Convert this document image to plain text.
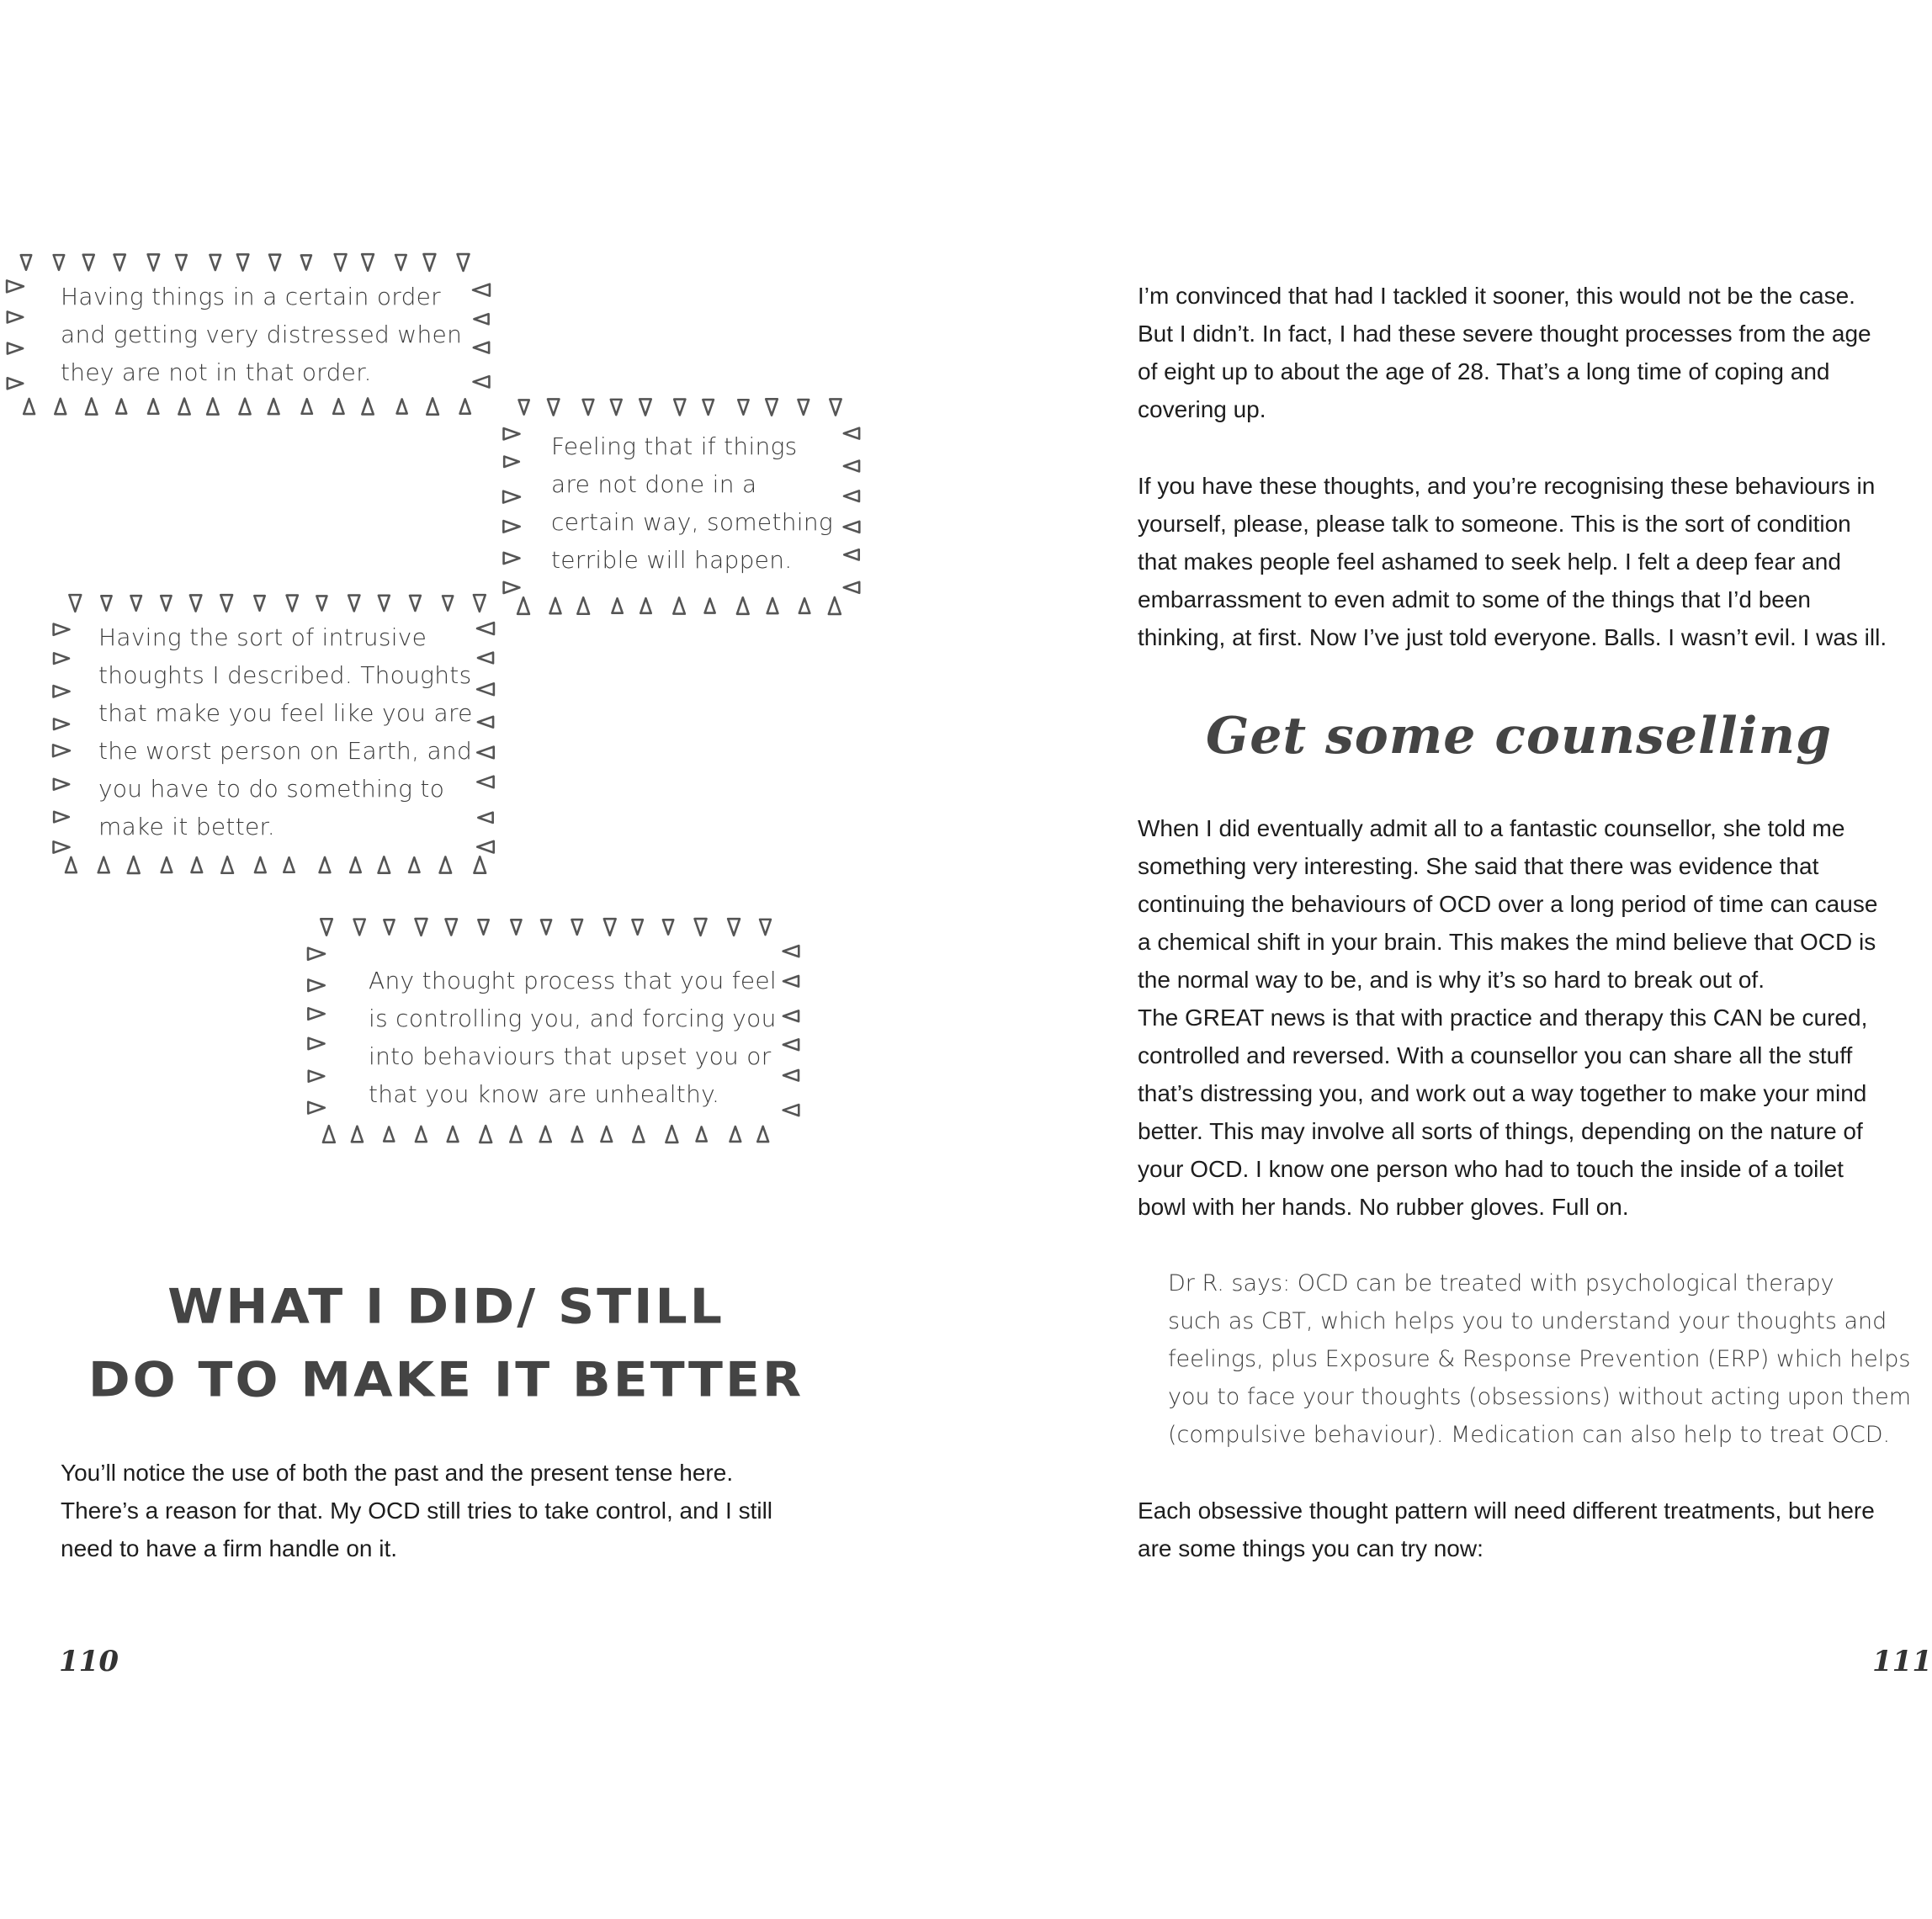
Having things in a certain order
and getting very distressed when
they are not in that order.
Feeling that if things
are not done in a
certain way, something
terrible will happen.
Having the sort of intrusive
thoughts I described. Thoughts
that make you feel like you are
the worst person on Earth, and
you have to do something to
make it better.
Any thought process that you feel
is controlling you, and forcing you
into behaviours that upset you or
that you know are unhealthy.
WHAT I DID/ STILL
DO TO MAKE IT BETTER
You’ll notice the use of both the past and the present tense here.
There’s a reason for that. My OCD still tries to take control, and I still
need to have a firm handle on it.
110
I’m convinced that had I tackled it sooner, this would not be the case.
But I didn’t. In fact, I had these severe thought processes from the age
of eight up to about the age of 28. That’s a long time of coping and
covering up.
If you have these thoughts, and you’re recognising these behaviours in
yourself, please, please talk to someone. This is the sort of condition
that makes people feel ashamed to seek help. I felt a deep fear and
embarrassment to even admit to some of the things that I’d been
thinking, at first. Now I’ve just told everyone. Balls. I wasn’t evil. I was ill.
Get some counselling
When I did eventually admit all to a fantastic counsellor, she told me
something very interesting. She said that there was evidence that
continuing the behaviours of OCD over a long period of time can cause
a chemical shift in your brain. This makes the mind believe that OCD is
the normal way to be, and is why it’s so hard to break out of.
The GREAT news is that with practice and therapy this CAN be cured,
controlled and reversed. With a counsellor you can share all the stuff
that’s distressing you, and work out a way together to make your mind
better. This may involve all sorts of things, depending on the nature of
your OCD. I know one person who had to touch the inside of a toilet
bowl with her hands. No rubber gloves. Full on.
Dr R. says: OCD can be treated with psychological therapy
such as CBT, which helps you to understand your thoughts and
feelings, plus Exposure & Response Prevention (ERP) which helps
you to face your thoughts (obsessions) without acting upon them
(compulsive behaviour). Medication can also help to treat OCD.
Each obsessive thought pattern will need different treatments, but here
are some things you can try now:
111
